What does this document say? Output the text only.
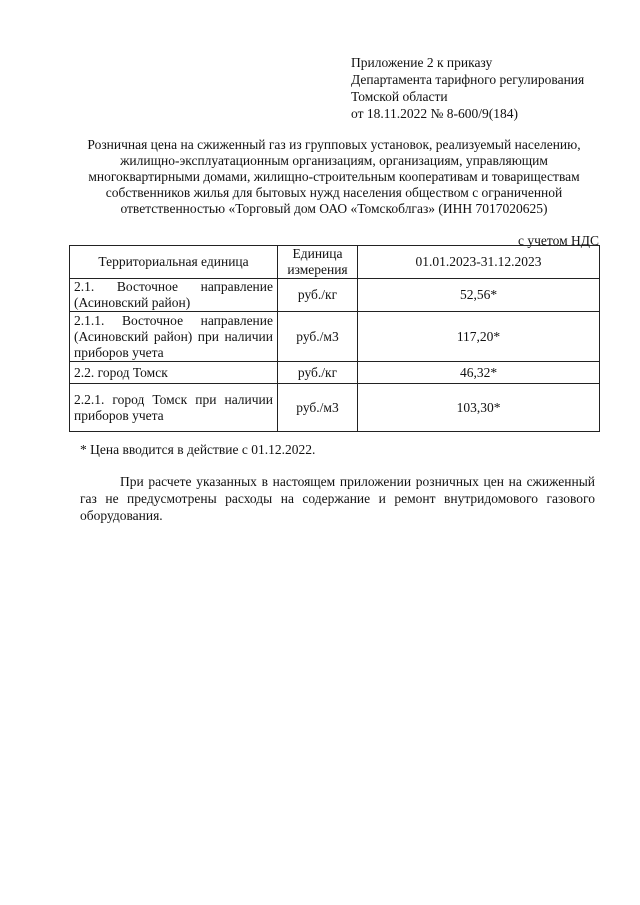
Приложение 2 к приказу
Департамента тарифного регулирования
Томской области
от 18.11.2022 № 8-600/9(184)
Розничная цена на сжиженный газ из групповых установок, реализуемый населению, жилищно-эксплуатационным организациям, организациям, управляющим многоквартирными домами, жилищно-строительным кооперативам и товариществам собственников жилья для бытовых нужд населения обществом с ограниченной ответственностью «Торговый дом ОАО «Томскоблгаз» (ИНН 7017020625)
с учетом НДС
Территориальная единица	Единица измерения	01.01.2023-31.12.2023
2.1. Восточное направление (Асиновский район)	руб./кг	52,56*
2.1.1. Восточное направление (Асиновский район) при наличии приборов учета	руб./м3	117,20*
2.2. город Томск	руб./кг	46,32*
2.2.1. город Томск при наличии приборов учета	руб./м3	103,30*
* Цена вводится в действие с 01.12.2022.
При расчете указанных в настоящем приложении розничных цен на сжиженный газ не предусмотрены расходы на содержание и ремонт внутридомового газового оборудования.
